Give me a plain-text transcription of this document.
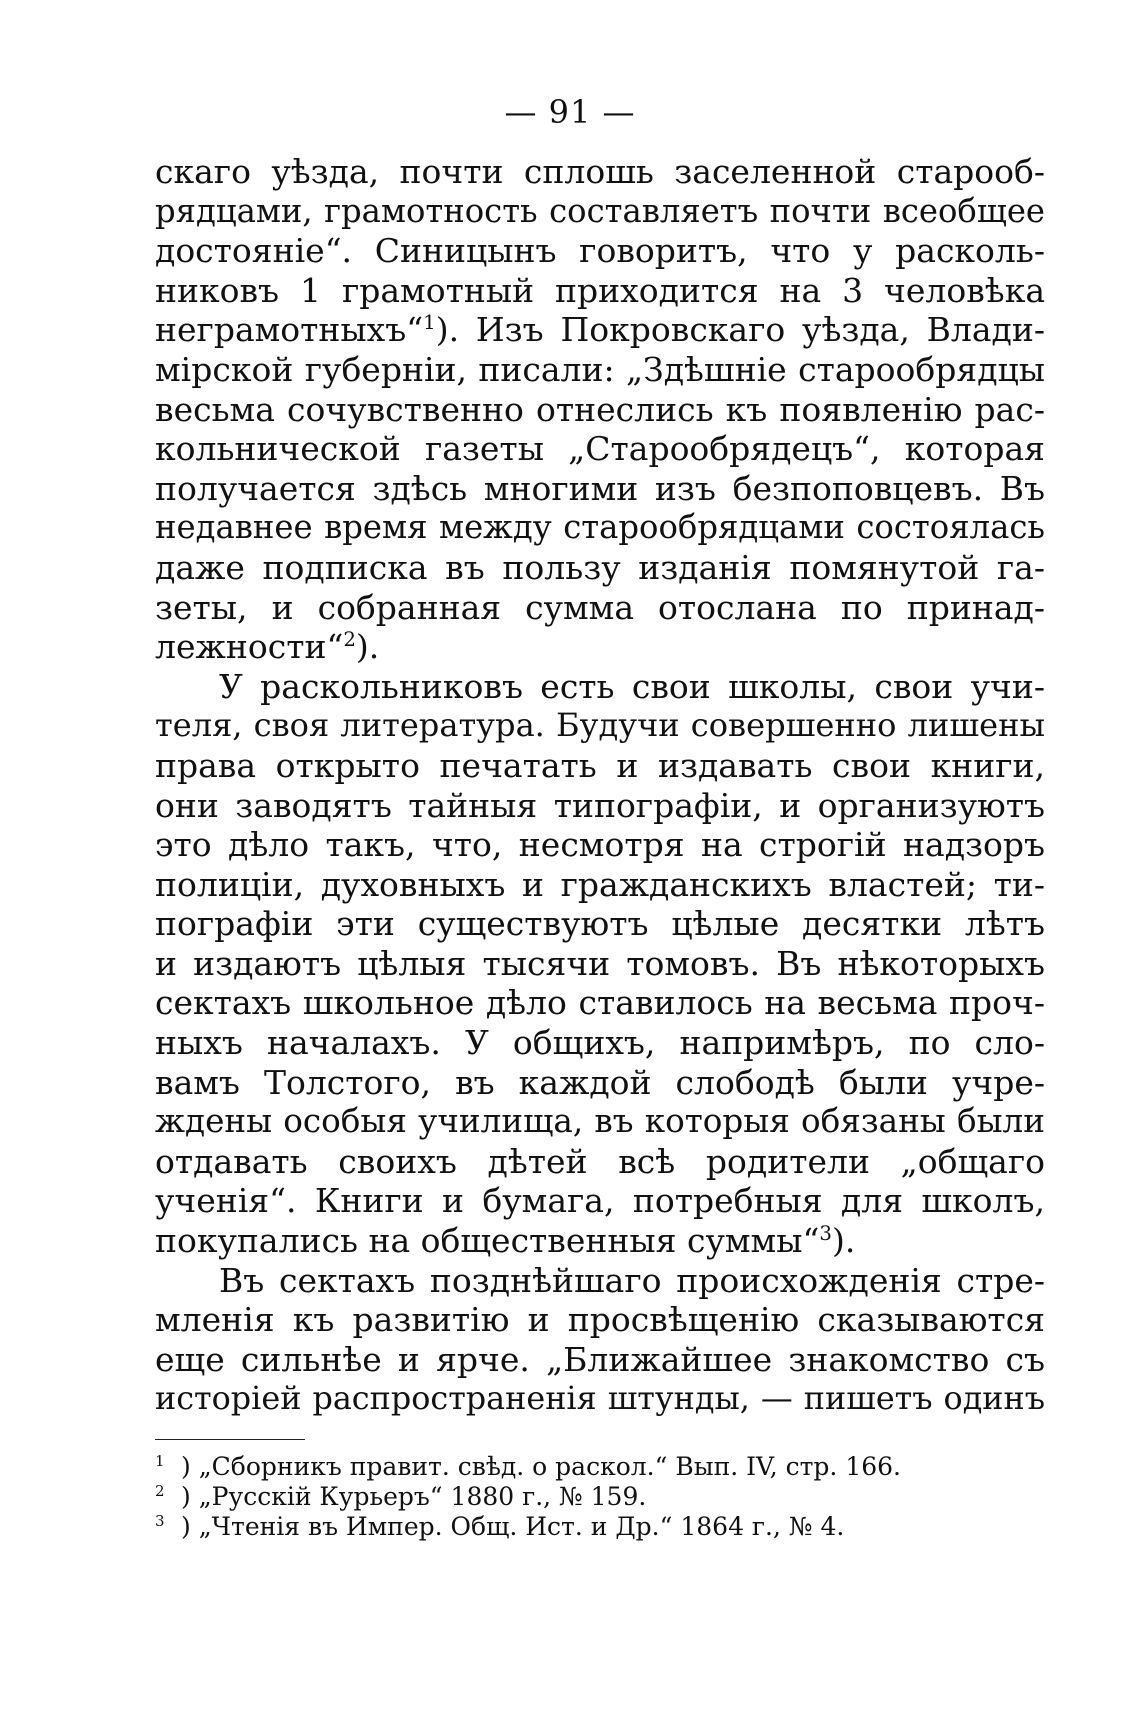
— 91 —
скаго уѣзда, почти сплошь заселенной старооб-
рядцами, грамотность составляетъ почти всеобщее
достояніе“. Синицынъ говоритъ, что у расколь-
никовъ 1 грамотный приходится на 3 человѣка
неграмотныхъ“$^1$). Изъ Покровскаго уѣзда, Влади-
мірской губерніи, писали: „Здѣшніе старообрядцы
весьма сочувственно отнеслись къ появленію рас-
кольнической газеты „Старообрядецъ“, которая
получается здѣсь многими изъ безпоповцевъ. Въ
недавнее время между старообрядцами состоялась
даже подписка въ пользу изданія помянутой га-
зеты, и собранная сумма отослана по принад-
лежности“$^2$).
У раскольниковъ есть свои школы, свои учи-
теля, своя литература. Будучи совершенно лишены
права открыто печатать и издавать свои книги,
они заводятъ тайныя типографіи, и организуютъ
это дѣло такъ, что, несмотря на строгій надзоръ
полиціи, духовныхъ и гражданскихъ властей; ти-
пографіи эти существуютъ цѣлые десятки лѣтъ
и издаютъ цѣлыя тысячи томовъ. Въ нѣкоторыхъ
сектахъ школьное дѣло ставилось на весьма проч-
ныхъ началахъ. У общихъ, напримѣръ, по сло-
вамъ Толстого, въ каждой слободѣ были учре-
ждены особыя училища, въ которыя обязаны были
отдавать своихъ дѣтей всѣ родители „общаго
ученія“. Книги и бумага, потребныя для школъ,
покупались на общественныя суммы“$^3$).
Въ сектахъ позднѣйшаго происхожденія стре-
мленія къ развитію и просвѣщенію сказываются
еще сильнѣе и ярче. „Ближайшее знакомство съ
исторіей распространенія штунды, — пишетъ одинъ
$^1$ ) „Сборникъ правит. свѣд. о раскол.“ Вып. IV, стр. 166.
$^2$ ) „Русскій Курьеръ“ 1880 г., № 159.
$^3$ ) „Чтенія въ Импер. Общ. Ист. и Др.“ 1864 г., № 4.
